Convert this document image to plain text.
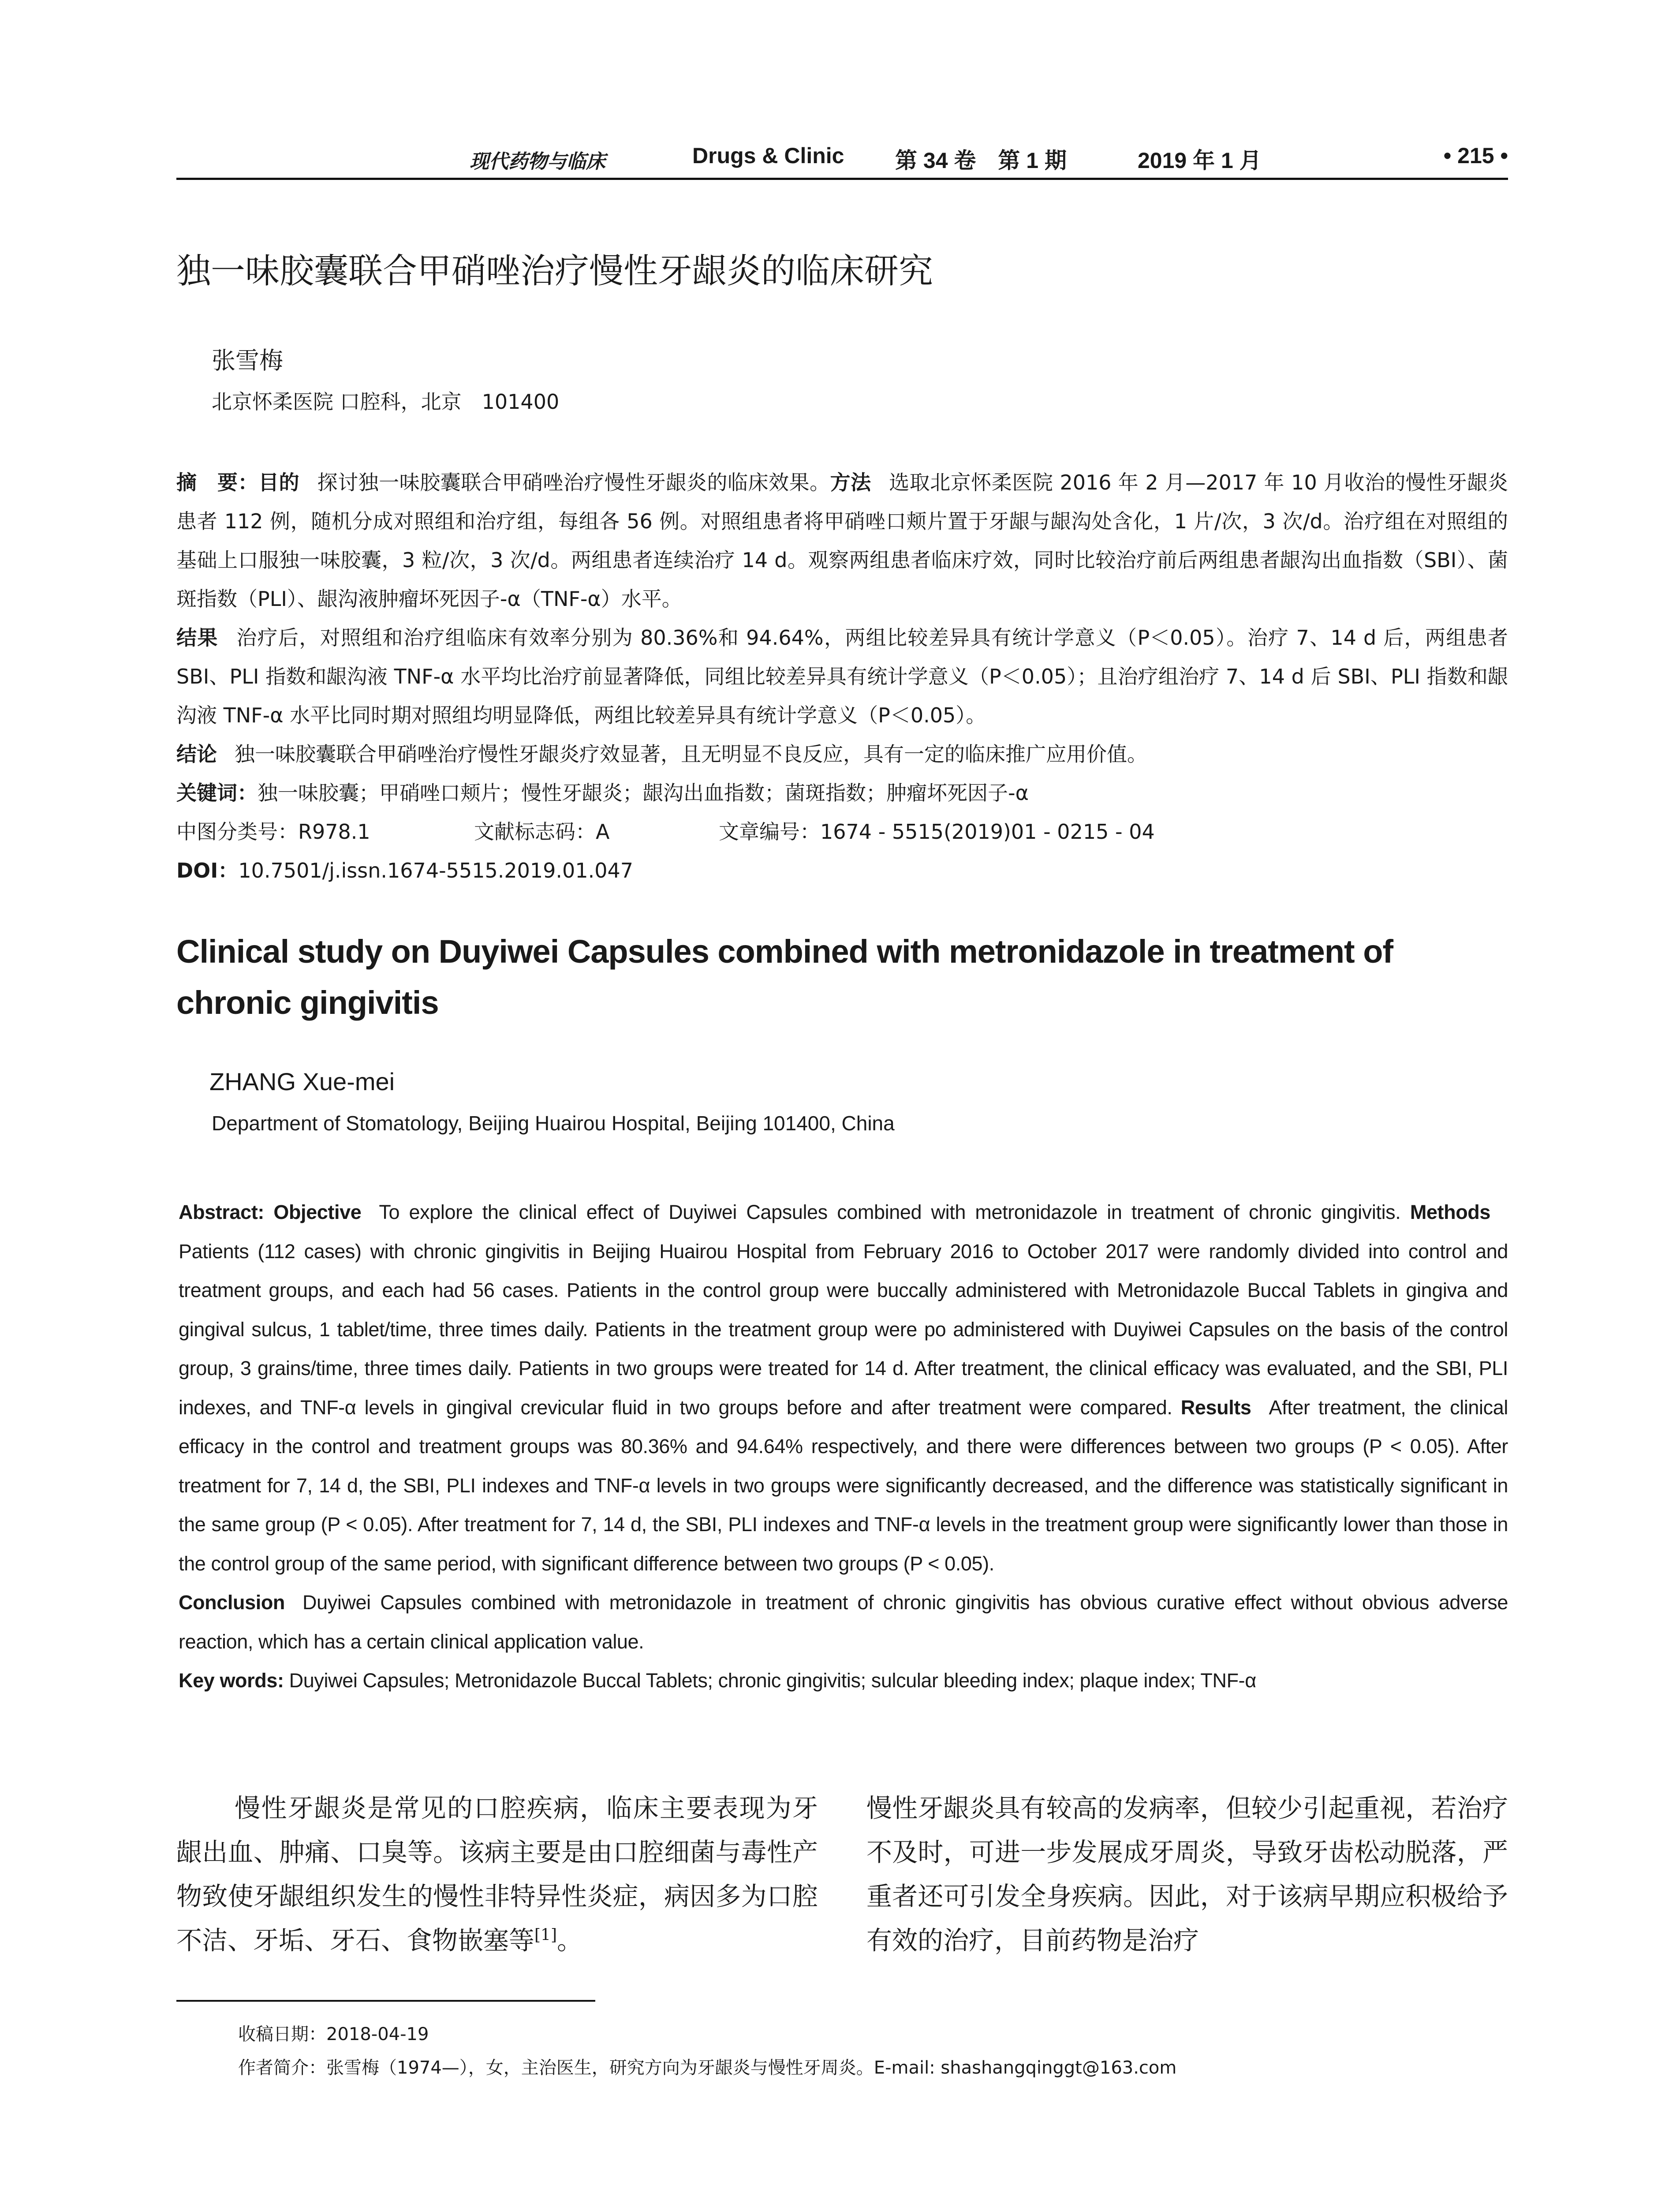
现代药物与临床	Drugs & Clinic 第 34 卷　第 1 期	2019 年 1 月	• 215 •
独一味胶囊联合甲硝唑治疗慢性牙龈炎的临床研究
张雪梅
北京怀柔医院 口腔科，北京　101400

摘　要：目的 探讨独一味胶囊联合甲硝唑治疗慢性牙龈炎的临床效果。方法 选取北京怀柔医院 2016 年 2 月—2017 年 10 月收治的慢性牙龈炎患者 112 例，随机分成对照组和治疗组，每组各 56 例。对照组患者将甲硝唑口颊片置于牙龈与龈沟处含化，1 片/次，3 次/d。治疗组在对照组的基础上口服独一味胶囊，3 粒/次，3 次/d。两组患者连续治疗 14 d。观察两组患者临床疗效，同时比较治疗前后两组患者龈沟出血指数（SBI）、菌斑指数（PLI）、龈沟液肿瘤坏死因子-α（TNF-α）水平。
结果 治疗后，对照组和治疗组临床有效率分别为 80.36%和 94.64%，两组比较差异具有统计学意义（P＜0.05）。治疗 7、14 d 后，两组患者 SBI、PLI 指数和龈沟液 TNF-α 水平均比治疗前显著降低，同组比较差异具有统计学意义（P＜0.05）；且治疗组治疗 7、14 d 后 SBI、PLI 指数和龈沟液 TNF-α 水平比同时期对照组均明显降低，两组比较差异具有统计学意义（P＜0.05）。
结论 独一味胶囊联合甲硝唑治疗慢性牙龈炎疗效显著，且无明显不良反应，具有一定的临床推广应用价值。

关键词：独一味胶囊；甲硝唑口颊片；慢性牙龈炎；龈沟出血指数；菌斑指数；肿瘤坏死因子-α

中图分类号：R978.1	文献标志码：A	文章编号：1674 - 5515(2019)01 - 0215 - 04

DOI：10.7501/j.issn.1674-5515.2019.01.047

Clinical study on Duyiwei Capsules combined with metronidazole in treatment of chronic gingivitis
ZHANG Xue-mei
Department of Stomatology, Beijing Huairou Hospital, Beijing 101400, China

Abstract: Objective To explore the clinical effect of Duyiwei Capsules combined with metronidazole in treatment of chronic gingivitis. MethodsPatients (112 cases) with chronic gingivitis in Beijing Huairou Hospital from February 2016 to October 2017 were randomly divided into control and treatment groups, and each had 56 cases. Patients in the control group were buccally administered with Metronidazole Buccal Tablets in gingiva and gingival sulcus, 1 tablet/time, three times daily. Patients in the treatment group were po administered with Duyiwei Capsules on the basis of the control group, 3 grains/time, three times daily. Patients in two groups were treated for 14 d. After treatment, the clinical efficacy was evaluated, and the SBI, PLI indexes, and TNF-α levels in gingival crevicular fluid in two groups before and after treatment were compared. Results After treatment, the clinical efficacy in the control and treatment groups was 80.36% and 94.64% respectively, and there were differences between two groups (P < 0.05). After treatment for 7, 14 d, the SBI, PLI indexes and TNF-α levels in two groups were significantly decreased, and the difference was statistically significant in the same group (P < 0.05). After treatment for 7, 14 d, the SBI, PLI indexes and TNF-α levels in the treatment group were significantly lower than those in the control group of the same period, with significant difference between two groups (P < 0.05).
Conclusion Duyiwei Capsules combined with metronidazole in treatment of chronic gingivitis has obvious curative effect without obvious adverse reaction, which has a certain clinical application value.

Key words: Duyiwei Capsules; Metronidazole Buccal Tablets; chronic gingivitis; sulcular bleeding index; plaque index; TNF-α

慢性牙龈炎是常见的口腔疾病，临床主要表现为牙龈出血、肿痛、口臭等。该病主要是由口腔细菌与毒性产物致使牙龈组织发生的慢性非特异性炎症，病因多为口腔不洁、牙垢、牙石、食物嵌塞等[1]。

慢性牙龈炎具有较高的发病率，但较少引起重视，若治疗不及时，可进一步发展成牙周炎，导致牙齿松动脱落，严重者还可引发全身疾病。因此，对于该病早期应积极给予有效的治疗，目前药物是治疗

收稿日期：2018-04-19

作者简介：张雪梅（1974—），女，主治医生，研究方向为牙龈炎与慢性牙周炎。E-mail: shashangqinggt@163.com
